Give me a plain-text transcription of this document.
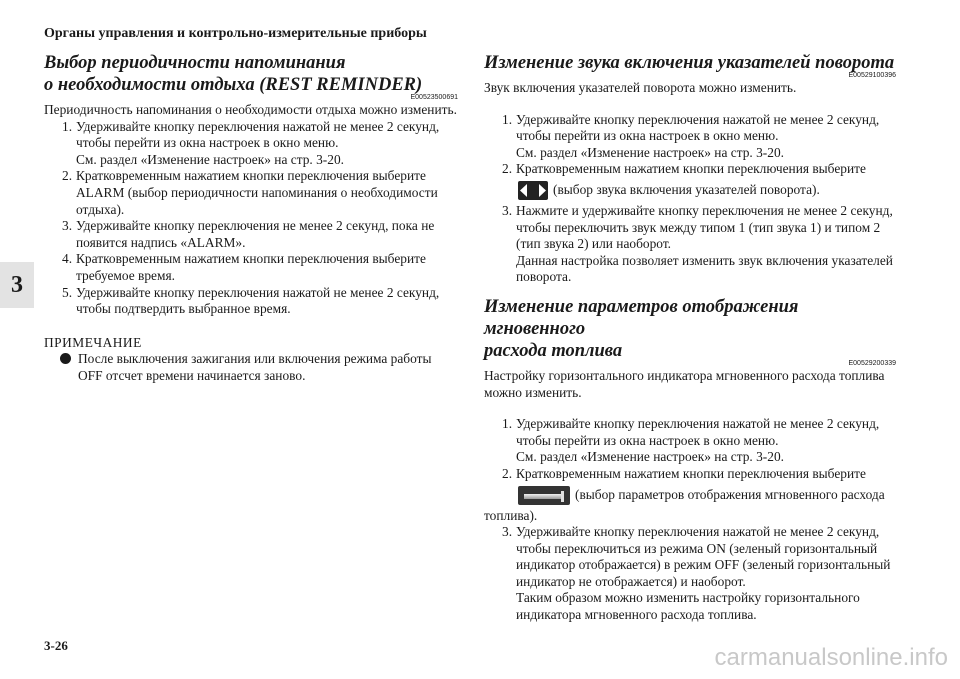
Органы управления и контрольно-измерительные приборы
3
Выбор периодичности напоминания
о необходимости отдыха (REST REMINDER)
E00523500691

Периодичность напоминания о необходимости отдыха можно изменить.

1. Удерживайте кнопку переключения нажатой не менее 2 секунд, чтобы перейти из окна настроек в окно меню.
См. раздел «Изменение настроек» на стр. 3-20.
2. Кратковременным нажатием кнопки переключения выберите ALARM (выбор периодичности напоминания о необходимости отдыха).
3. Удерживайте кнопку переключения не менее 2 секунд, пока не появится надпись «ALARM».
4. Кратковременным нажатием кнопки переключения выберите требуемое время.
5. Удерживайте кнопку переключения нажатой не менее 2 секунд, чтобы подтвердить выбранное время.
ПРИМЕЧАНИЕ
После выключения зажигания или включения режима работы OFF отсчет времени начинается заново.
Изменение звука включения указателей поворота
E00529100396

Звук включения указателей поворота можно изменить.

1. Удерживайте кнопку переключения нажатой не менее 2 секунд, чтобы перейти из окна настроек в окно меню.
См. раздел «Изменение настроек» на стр. 3-20.
2. Кратковременным нажатием кнопки переключения выберите
(выбор звука включения указателей поворота).
3. Нажмите и удерживайте кнопку переключения не менее 2 секунд, чтобы переключить звук между типом 1 (тип звука 1) и типом 2 (тип звука 2) или наоборот.
Данная настройка позволяет изменить звук включения указателей поворота.
Изменение параметров отображения мгновенного
расхода топлива
E00529200339

Настройку горизонтального индикатора мгновенного расхода топлива можно изменить.

1. Удерживайте кнопку переключения нажатой не менее 2 секунд, чтобы перейти из окна настроек в окно меню.
См. раздел «Изменение настроек» на стр. 3-20.
2. Кратковременным нажатием кнопки переключения выберите
(выбор параметров отображения мгновенного расхода

топлива).

3. Удерживайте кнопку переключения нажатой не менее 2 секунд, чтобы переключиться из режима ON (зеленый горизонтальный индикатор отображается) в режим OFF (зеленый горизонтальный индикатор не отображается) и наоборот.
Таким образом можно изменить настройку горизонтального индикатора мгновенного расхода топлива.
3-26	carmanualsonline.info
